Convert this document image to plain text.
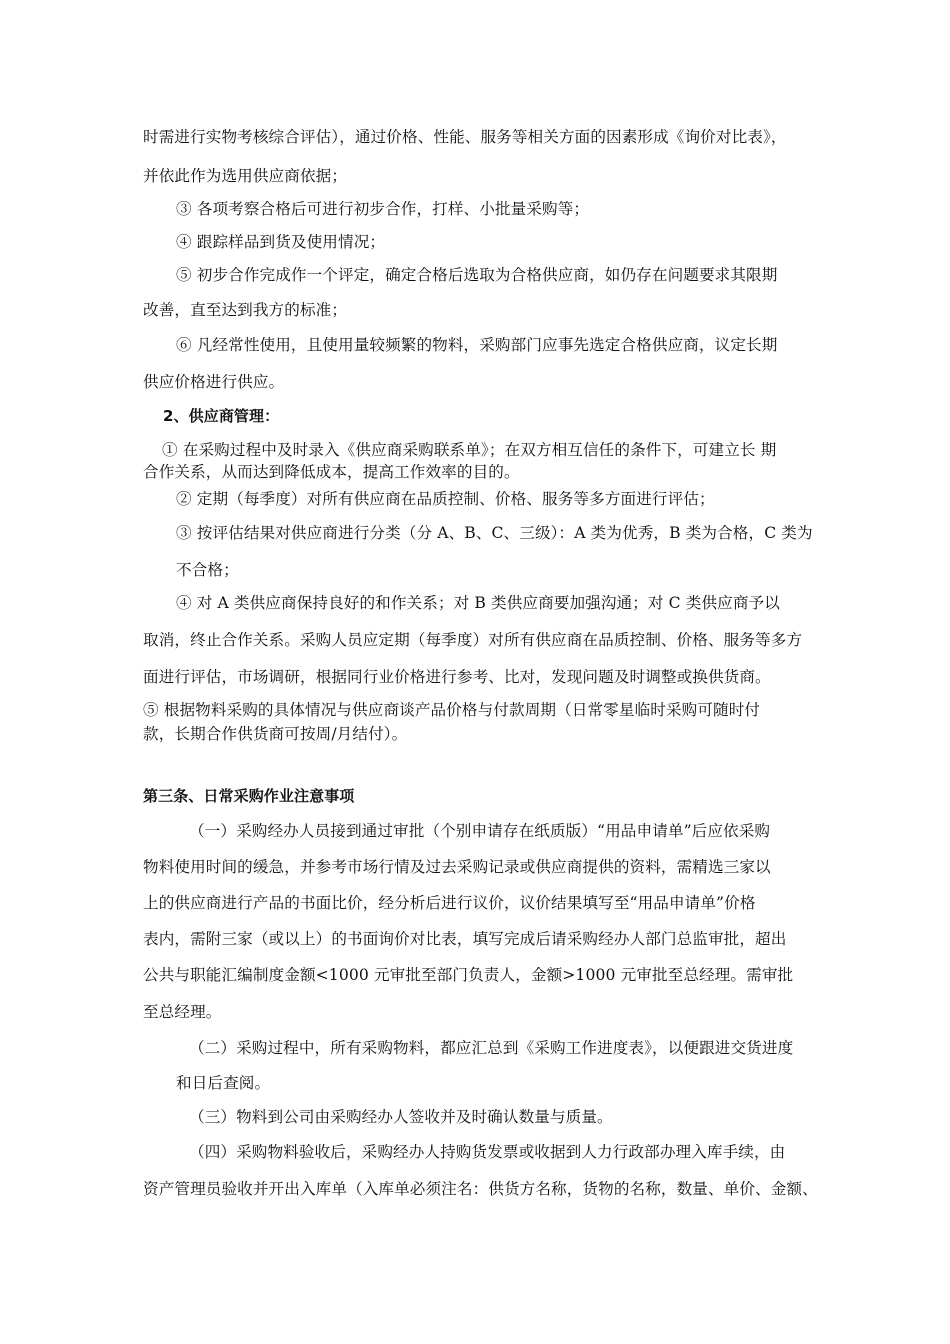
时需进行实物考核综合评估），通过价格、性能、服务等相关方面的因素形成《询价对比表》，
并依此作为选用供应商依据；
③ 各项考察合格后可进行初步合作，打样、小批量采购等；
④ 跟踪样品到货及使用情况；
⑤ 初步合作完成作一个评定，确定合格后选取为合格供应商，如仍存在问题要求其限期
改善，直至达到我方的标准；
⑥ 凡经常性使用，且使用量较频繁的物料，采购部门应事先选定合格供应商，议定长期
供应价格进行供应。
2、供应商管理：
① 在采购过程中及时录入《供应商采购联系单》；在双方相互信任的条件下，可建立长 期
合作关系，从而达到降低成本，提高工作效率的目的。
② 定期（每季度）对所有供应商在品质控制、价格、服务等多方面进行评估；
③ 按评估结果对供应商进行分类（分 A、B、C、三级）：A 类为优秀，B 类为合格，C 类为
不合格；
④ 对 A 类供应商保持良好的和作关系；对 B 类供应商要加强沟通；对 C 类供应商予以
取消，终止合作关系。采购人员应定期（每季度）对所有供应商在品质控制、价格、服务等多方
面进行评估，市场调研，根据同行业价格进行参考、比对，发现问题及时调整或换供货商。
⑤ 根据物料采购的具体情况与供应商谈产品价格与付款周期（日常零星临时采购可随时付
款，长期合作供货商可按周/月结付）。
第三条、日常采购作业注意事项
（一）采购经办人员接到通过审批（个别申请存在纸质版）“用品申请单”后应依采购
物料使用时间的缓急，并参考市场行情及过去采购记录或供应商提供的资料，需精选三家以
上的供应商进行产品的书面比价，经分析后进行议价，议价结果填写至“用品申请单”价格
表内，需附三家（或以上）的书面询价对比表，填写完成后请采购经办人部门总监审批，超出
公共与职能汇编制度金额<1000 元审批至部门负责人，金额>1000 元审批至总经理。需审批
至总经理。
（二）采购过程中，所有采购物料，都应汇总到《采购工作进度表》，以便跟进交货进度
和日后查阅。
（三）物料到公司由采购经办人签收并及时确认数量与质量。
（四）采购物料验收后，采购经办人持购货发票或收据到人力行政部办理入库手续，由
资产管理员验收并开出入库单（入库单必须注名：供货方名称，货物的名称，数量、单价、金额、
